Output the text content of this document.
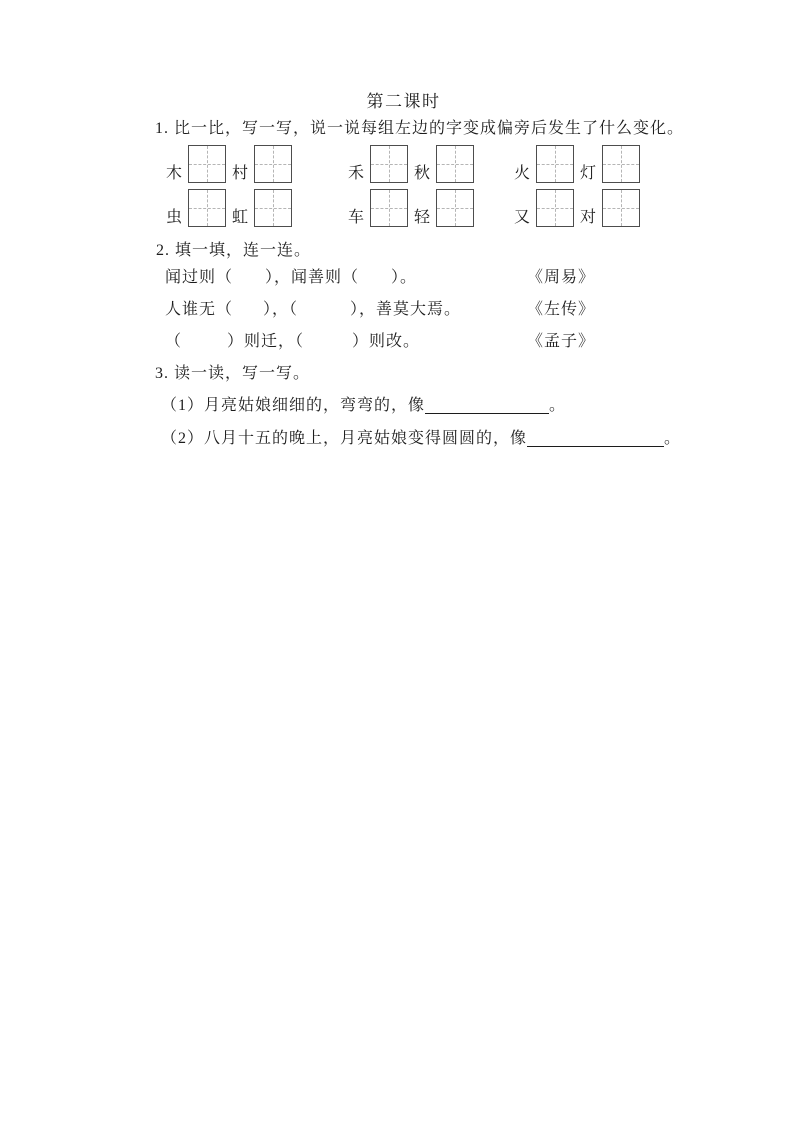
第二课时
1. 比一比，写一写，说一说每组左边的字变成偏旁后发生了什么变化。
木	村	禾	秋	火	灯
虫	虹	车	轻	又	对
2. 填一填，连一连。
闻过则（ ），闻善则（ ）。	《周易》
人谁无（ ），（	），善莫大焉。	《左传》
（	）则迁，（	）则改。	《孟子》
3. 读一读，写一写。
（1）月亮姑娘细细的，弯弯的，像	。
（2）八月十五的晚上，月亮姑娘变得圆圆的，像	。
